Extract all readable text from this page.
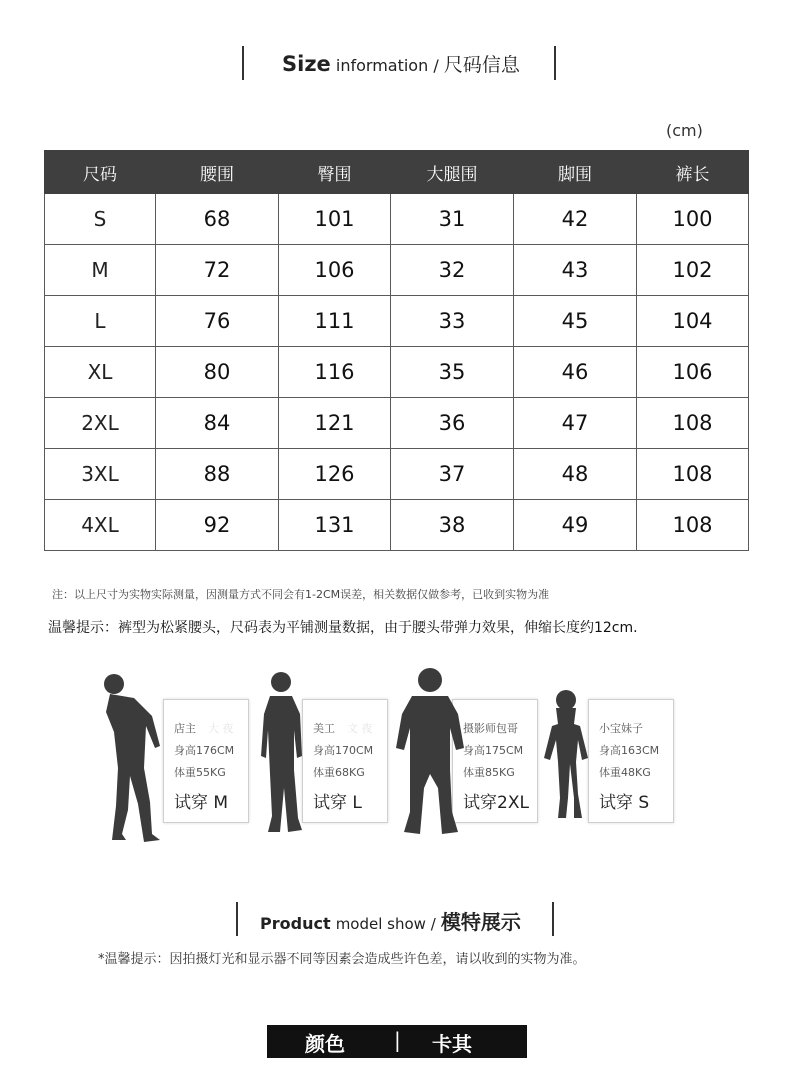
Size information / 尺码信息
(cm)
尺码	腰围	臀围	大腿围	脚围	裤长
S	68	101	31	42	100
M	72	106	32	43	102
L	76	111	33	45	104
XL	80	116	35	46	106
2XL	84	121	36	47	108
3XL	88	126	37	48	108
4XL	92	131	38	49	108
注：以上尺寸为实物实际测量，因测量方式不同会有1-2CM误差，相关数据仅做参考，已收到实物为准
温馨提示：裤型为松紧腰头，尺码表为平铺测量数据，由于腰头带弹力效果，伸缩长度约12cm.
大 夜
店主
身高176CM
体重55KG
试穿 M
文 夜
美工
身高170CM
体重68KG
试穿 L
摄影师包哥
身高175CM
体重85KG
试穿2XL
小宝妹子
身高163CM
体重48KG
试穿 S
Product model show / 模特展示
*温馨提示：因拍摄灯光和显示器不同等因素会造成些许色差，请以收到的实物为准。
颜色 | 卡其
